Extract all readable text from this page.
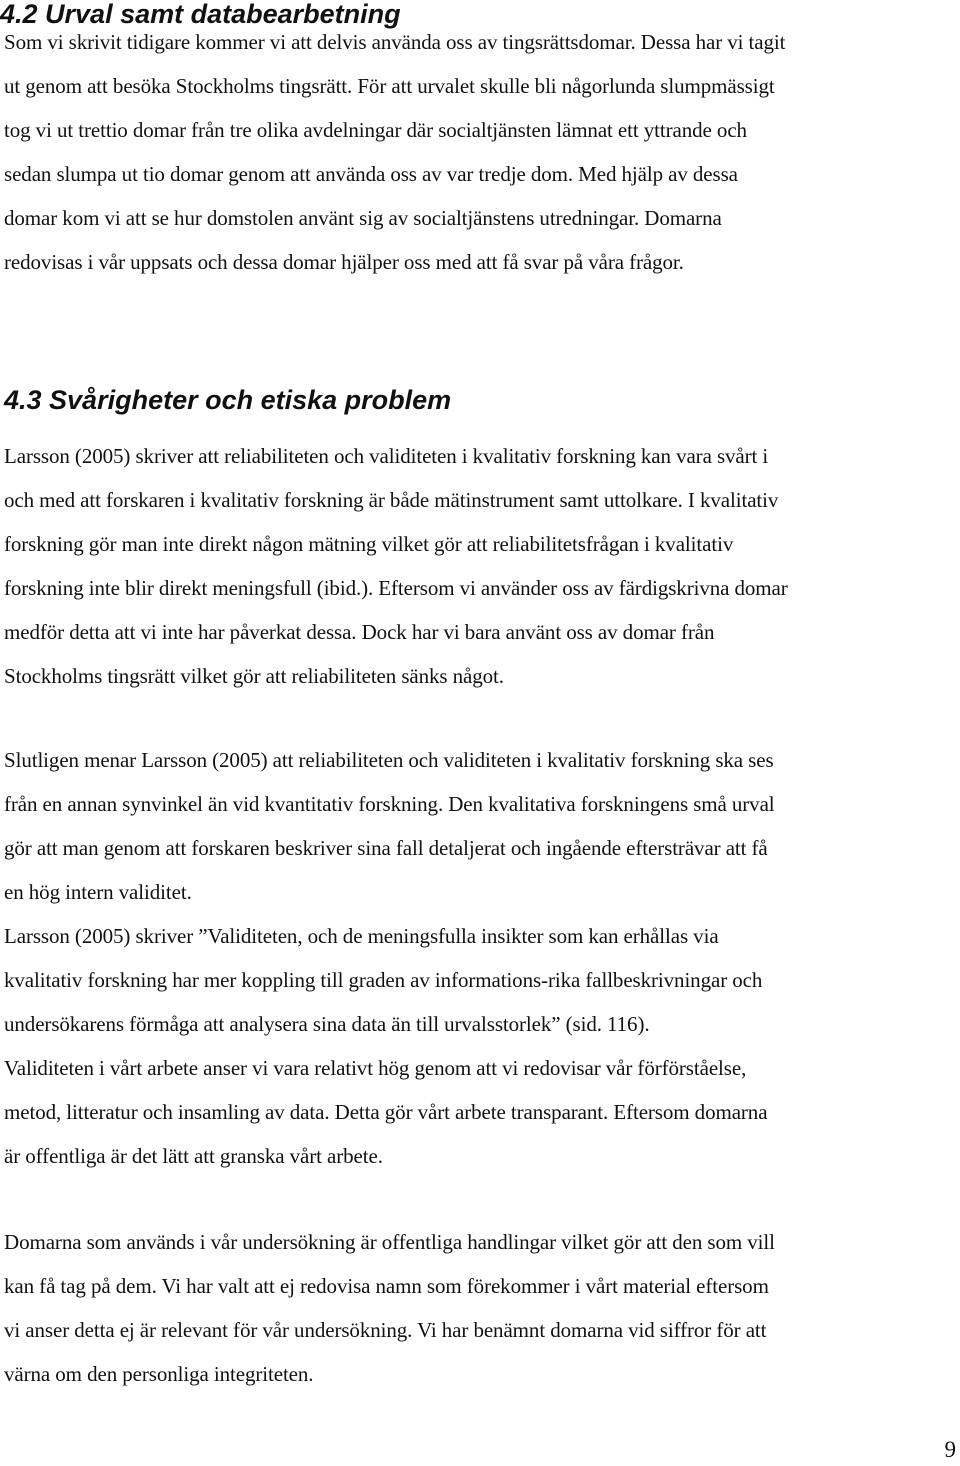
4.2 Urval samt databearbetning
Som vi skrivit tidigare kommer vi att delvis använda oss av tingsrättsdomar. Dessa har vi tagit
ut genom att besöka Stockholms tingsrätt. För att urvalet skulle bli någorlunda slumpmässigt
tog vi ut trettio domar från tre olika avdelningar där socialtjänsten lämnat ett yttrande och
sedan slumpa ut tio domar genom att använda oss av var tredje dom. Med hjälp av dessa
domar kom vi att se hur domstolen använt sig av socialtjänstens utredningar. Domarna
redovisas i vår uppsats och dessa domar hjälper oss med att få svar på våra frågor.
4.3 Svårigheter och etiska problem
Larsson (2005) skriver att reliabiliteten och validiteten i kvalitativ forskning kan vara svårt i
och med att forskaren i kvalitativ forskning är både mätinstrument samt uttolkare. I kvalitativ
forskning gör man inte direkt någon mätning vilket gör att reliabilitetsfrågan i kvalitativ
forskning inte blir direkt meningsfull (ibid.). Eftersom vi använder oss av färdigskrivna domar
medför detta att vi inte har påverkat dessa. Dock har vi bara använt oss av domar från
Stockholms tingsrätt vilket gör att reliabiliteten sänks något.
Slutligen menar Larsson (2005) att reliabiliteten och validiteten i kvalitativ forskning ska ses
från en annan synvinkel än vid kvantitativ forskning. Den kvalitativa forskningens små urval
gör att man genom att forskaren beskriver sina fall detaljerat och ingående eftersträvar att få
en hög intern validitet.
Larsson (2005) skriver ”Validiteten, och de meningsfulla insikter som kan erhållas via
kvalitativ forskning har mer koppling till graden av informations-rika fallbeskrivningar och
undersökarens förmåga att analysera sina data än till urvalsstorlek” (sid. 116).
Validiteten i vårt arbete anser vi vara relativt hög genom att vi redovisar vår förförståelse,
metod, litteratur och insamling av data. Detta gör vårt arbete transparant. Eftersom domarna
är offentliga är det lätt att granska vårt arbete.
Domarna som används i vår undersökning är offentliga handlingar vilket gör att den som vill
kan få tag på dem. Vi har valt att ej redovisa namn som förekommer i vårt material eftersom
vi anser detta ej är relevant för vår undersökning. Vi har benämnt domarna vid siffror för att
värna om den personliga integriteten.
9
